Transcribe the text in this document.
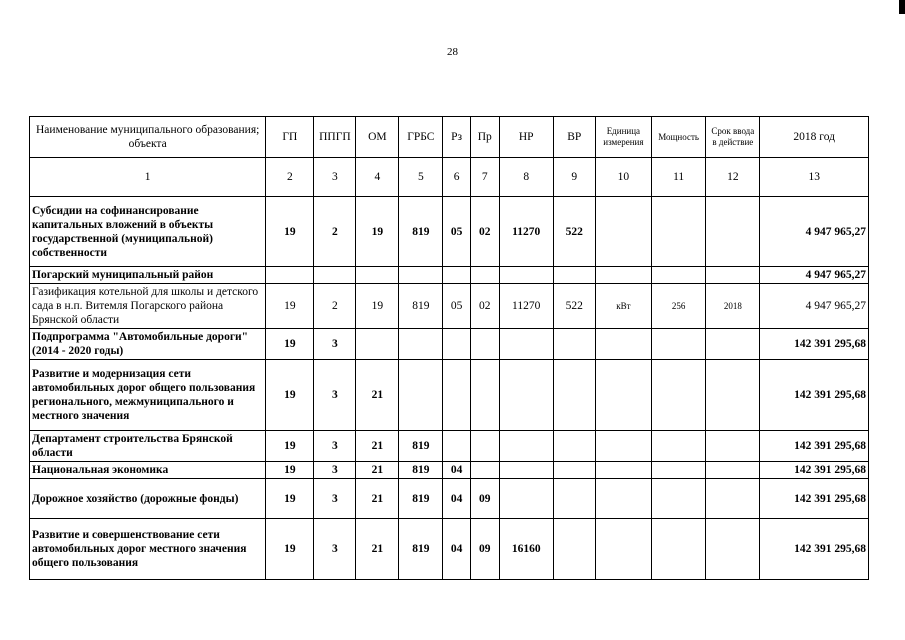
28
Наименование муниципального образования; объекта	ГП	ППГП	ОМ	ГРБС	Рз	Пр	НР	ВР	Единица измерения	Мощность	Срок ввода в действие	2018 год
1	2	3	4	5	6	7	8	9	10	11	12	13
Субсидии на софинансирование капитальных вложений в объекты государственной (муниципальной) собственности	19	2	19	819	05	02	11270	522				4 947 965,27
Погарский муниципальный район												4 947 965,27
Газификация котельной для школы и детского сада в н.п. Витемля Погарского района Брянской области	19	2	19	819	05	02	11270	522	кВт	256	2018	4 947 965,27
Подпрограмма "Автомобильные дороги" (2014 - 2020 годы)	19	3										142 391 295,68
Развитие и модернизация сети автомобильных дорог общего пользования регионального, межмуниципального и местного значения	19	3	21									142 391 295,68
Департамент строительства Брянской области	19	3	21	819								142 391 295,68
Национальная экономика	19	3	21	819	04							142 391 295,68
Дорожное хозяйство (дорожные фонды)	19	3	21	819	04	09						142 391 295,68
Развитие и совершенствование сети автомобильных дорог местного значения общего пользования	19	3	21	819	04	09	16160					142 391 295,68
